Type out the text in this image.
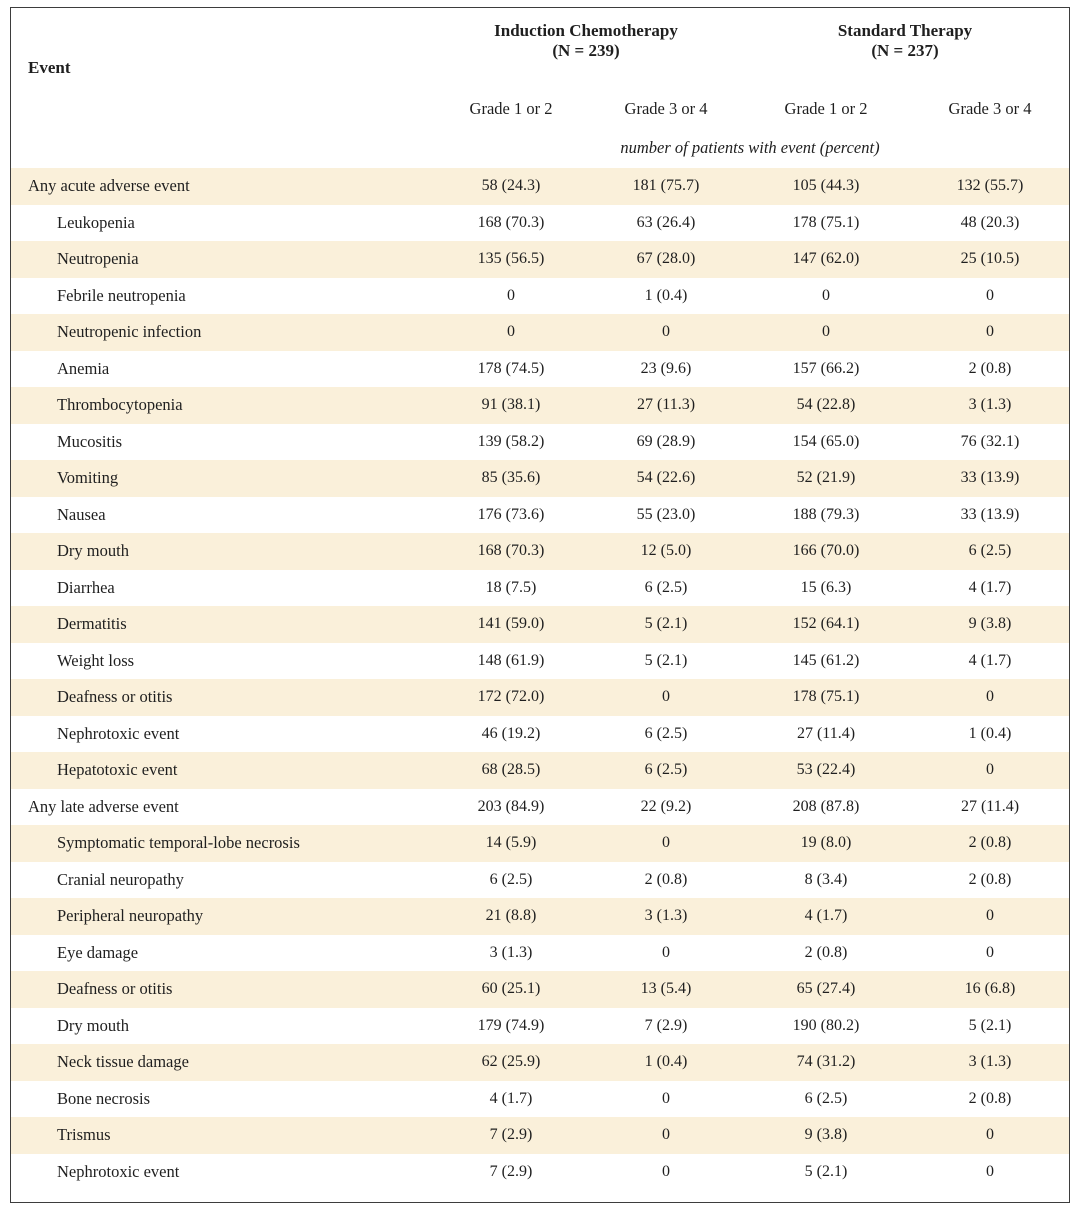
Event
Induction Chemotherapy
(N = 239)
Standard Therapy
(N = 237)
Grade 1 or 2	Grade 3 or 4	Grade 1 or 2	Grade 3 or 4
number of patients with event (percent)
Any acute adverse event	58 (24.3)	181 (75.7)	105 (44.3)	132 (55.7)
Leukopenia	168 (70.3)	63 (26.4)	178 (75.1)	48 (20.3)
Neutropenia	135 (56.5)	67 (28.0)	147 (62.0)	25 (10.5)
Febrile neutropenia	0	1 (0.4)	0	0
Neutropenic infection	0	0	0	0
Anemia	178 (74.5)	23 (9.6)	157 (66.2)	2 (0.8)
Thrombocytopenia	91 (38.1)	27 (11.3)	54 (22.8)	3 (1.3)
Mucositis	139 (58.2)	69 (28.9)	154 (65.0)	76 (32.1)
Vomiting	85 (35.6)	54 (22.6)	52 (21.9)	33 (13.9)
Nausea	176 (73.6)	55 (23.0)	188 (79.3)	33 (13.9)
Dry mouth	168 (70.3)	12 (5.0)	166 (70.0)	6 (2.5)
Diarrhea	18 (7.5)	6 (2.5)	15 (6.3)	4 (1.7)
Dermatitis	141 (59.0)	5 (2.1)	152 (64.1)	9 (3.8)
Weight loss	148 (61.9)	5 (2.1)	145 (61.2)	4 (1.7)
Deafness or otitis	172 (72.0)	0	178 (75.1)	0
Nephrotoxic event	46 (19.2)	6 (2.5)	27 (11.4)	1 (0.4)
Hepatotoxic event	68 (28.5)	6 (2.5)	53 (22.4)	0
Any late adverse event	203 (84.9)	22 (9.2)	208 (87.8)	27 (11.4)
Symptomatic temporal-lobe necrosis	14 (5.9)	0	19 (8.0)	2 (0.8)
Cranial neuropathy	6 (2.5)	2 (0.8)	8 (3.4)	2 (0.8)
Peripheral neuropathy	21 (8.8)	3 (1.3)	4 (1.7)	0
Eye damage	3 (1.3)	0	2 (0.8)	0
Deafness or otitis	60 (25.1)	13 (5.4)	65 (27.4)	16 (6.8)
Dry mouth	179 (74.9)	7 (2.9)	190 (80.2)	5 (2.1)
Neck tissue damage	62 (25.9)	1 (0.4)	74 (31.2)	3 (1.3)
Bone necrosis	4 (1.7)	0	6 (2.5)	2 (0.8)
Trismus	7 (2.9)	0	9 (3.8)	0
Nephrotoxic event	7 (2.9)	0	5 (2.1)	0
